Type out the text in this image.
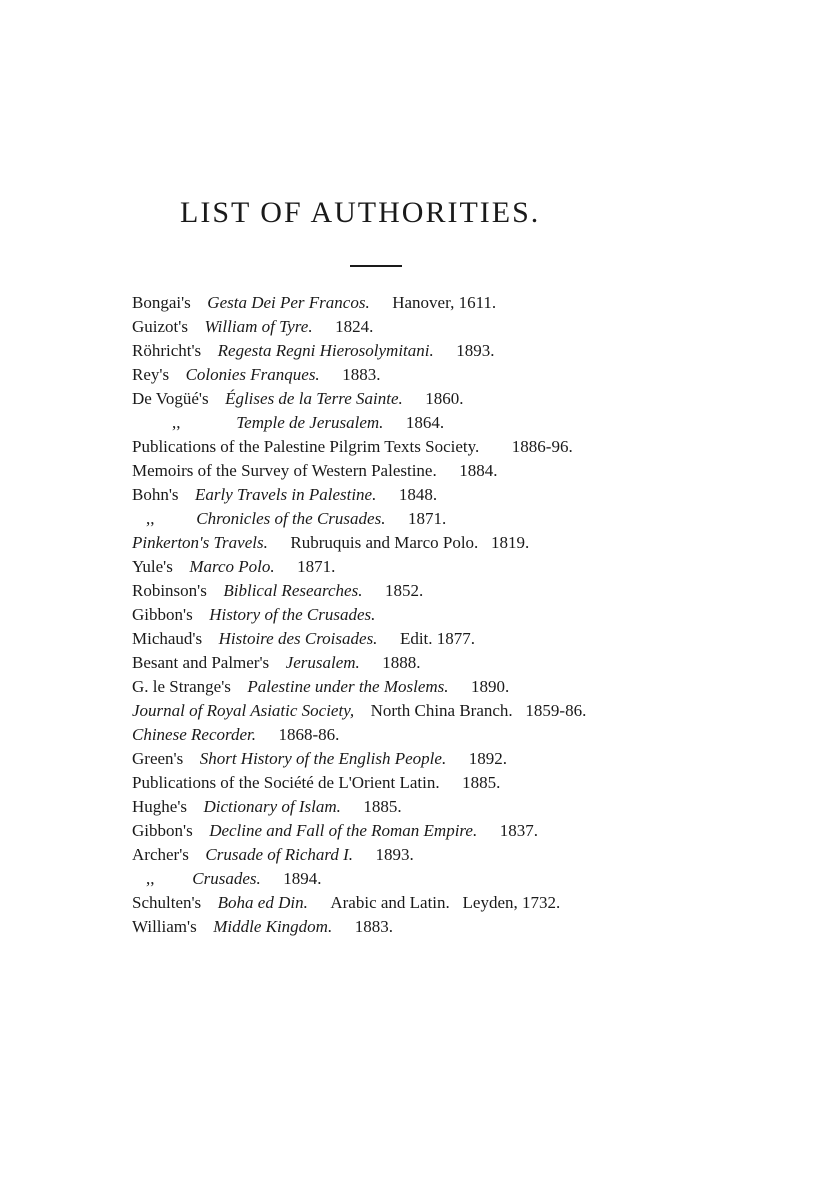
LIST OF AUTHORITIES.
Bongai's Gesta Dei Per Francos. Hanover, 1611.
Guizot's William of Tyre. 1824.
Röhricht's Regesta Regni Hierosolymitani. 1893.
Rey's Colonies Franques. 1883.
De Vogüé's Églises de la Terre Sainte. 1860.
,,	Temple de Jerusalem. 1864.
Publications of the Palestine Pilgrim Texts Society. 1886-96.
Memoirs of the Survey of Western Palestine. 1884.
Bohn's Early Travels in Palestine. 1848.
,, Chronicles of the Crusades. 1871.
Pinkerton's Travels. Rubruquis and Marco Polo.   1819.
Yule's Marco Polo. 1871.
Robinson's Biblical Researches. 1852.
Gibbon's History of the Crusades.
Michaud's Histoire des Croisades. Edit. 1877.
Besant and Palmer's Jerusalem. 1888.
G. le Strange's Palestine under the Moslems. 1890.
Journal of Royal Asiatic Society, North China Branch.   1859-86.
Chinese Recorder. 1868-86.
Green's Short History of the English People. 1892.
Publications of the Société de L'Orient Latin. 1885.
Hughe's Dictionary of Islam. 1885.
Gibbon's Decline and Fall of the Roman Empire. 1837.
Archer's Crusade of Richard I. 1893.
,, Crusades. 1894.
Schulten's Boha ed Din. Arabic and Latin.   Leyden, 1732.
William's Middle Kingdom. 1883.
